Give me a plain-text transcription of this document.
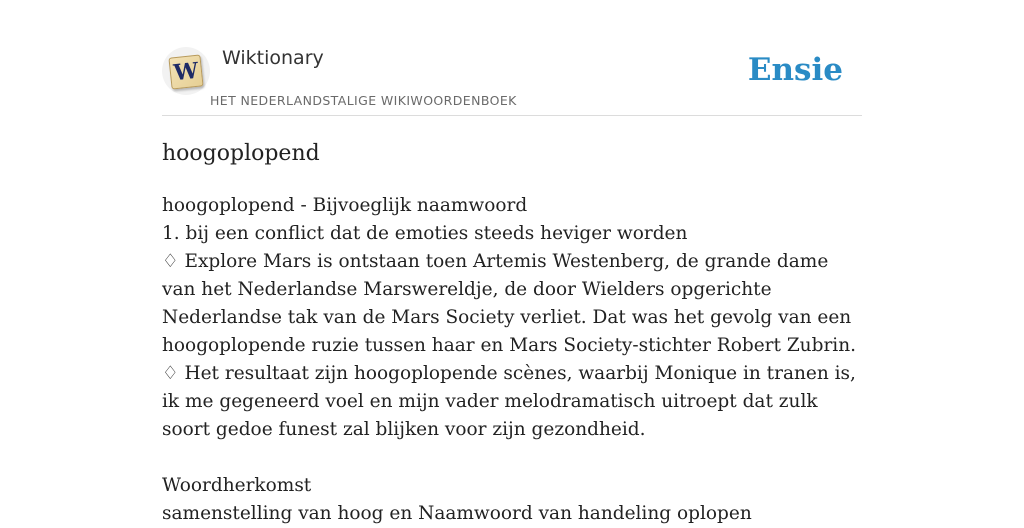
W Wiktionary
HET NEDERLANDSTALIGE WIKIWOORDENBOEK
Ensie
hoogoplopend

hoogoplopend - Bijvoeglijk naamwoord

1. bij een conflict dat de emoties steeds heviger worden

♢ Explore Mars is ontstaan toen Artemis Westenberg, de grande dame van het Nederlandse Marswereldje, de door Wielders opgerichte Nederlandse tak van de Mars Society verliet. Dat was het gevolg van een hoogoplopende ruzie tussen haar en Mars Society-stichter Robert Zubrin.

♢ Het resultaat zijn hoogoplopende scènes, waarbij Monique in tranen is, ik me gegeneerd voel en mijn vader melodramatisch uitroept dat zulk soort gedoe funest zal blijken voor zijn gezondheid.

Woordherkomst

samenstelling van hoog en Naamwoord van handeling oplopen
